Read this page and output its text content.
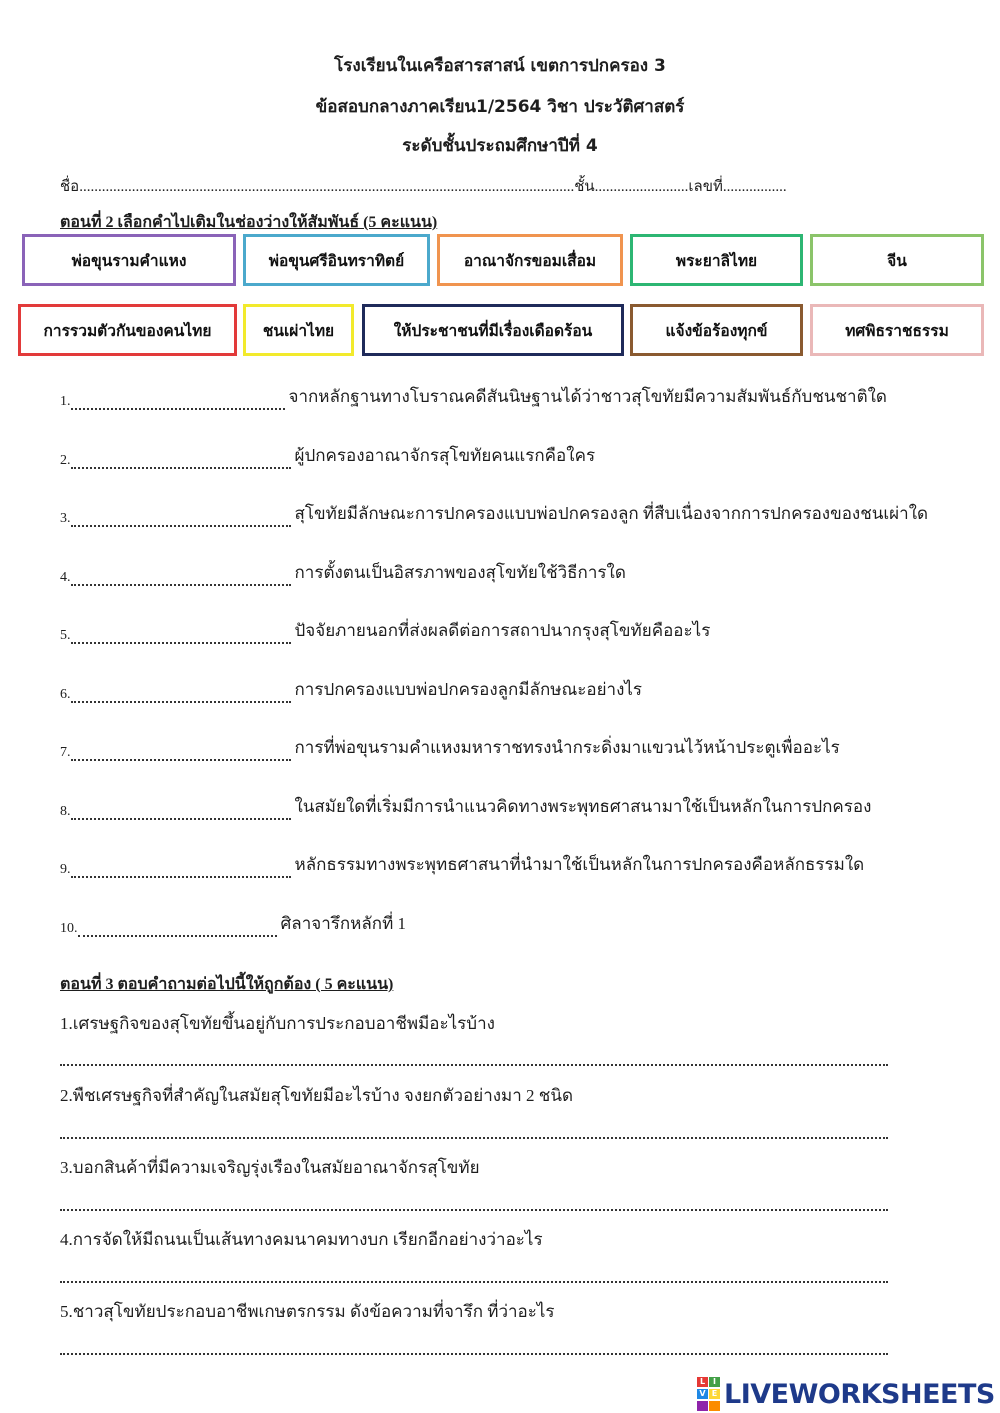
โรงเรียนในเครือสารสาสน์ เขตการปกครอง 3
ข้อสอบกลางภาคเรียน1/2564 วิชา ประวัติศาสตร์
ระดับชั้นประถมศึกษาปีที่ 4
ชื่อ....................................................................................................................................ชั้น.........................เลขที่.................
ตอนที่ 2 เลือกคำไปเติมในช่องว่างให้สัมพันธ์ (5 คะแนน)
พ่อขุนรามคำแหง	พ่อขุนศรีอินทราทิตย์	อาณาจักรขอมเสื่อม	พระยาลิไทย	จีน
การรวมตัวกันของคนไทย	ชนเผ่าไทย	ให้ประชาชนที่มีเรื่องเดือดร้อน	แจ้งข้อร้องทุกข์	ทศพิธราชธรรม
1 .	จากหลักฐานทางโบราณคดีสันนิษฐานได้ว่าชาวสุโขทัยมีความสัมพันธ์กับชนชาติใด
2 .	ผู้ปกครองอาณาจักรสุโขทัยคนแรกคือใคร
3 .	สุโขทัยมีลักษณะการปกครองแบบพ่อปกครองลูก ที่สืบเนื่องจากการปกครองของชนเผ่าใด
4 .	การตั้งตนเป็นอิสรภาพของสุโขทัยใช้วิธีการใด
5 .	ปัจจัยภายนอกที่ส่งผลดีต่อการสถาปนากรุงสุโขทัยคืออะไร
6 .	การปกครองแบบพ่อปกครองลูกมีลักษณะอย่างไร
7 .	การที่พ่อขุนรามคำแหงมหาราชทรงนำกระดิ่งมาแขวนไว้หน้าประตูเพื่ออะไร
8 .	ในสมัยใดที่เริ่มมีการนำแนวคิดทางพระพุทธศาสนามาใช้เป็นหลักในการปกครอง
9 .	หลักธรรมทางพระพุทธศาสนาที่นำมาใช้เป็นหลักในการปกครองคือหลักธรรมใด
10 .	ศิลาจารึกหลักที่ 1
ตอนที่ 3 ตอบคำถามต่อไปนี้ให้ถูกต้อง ( 5 คะแนน)
1.เศรษฐกิจของสุโขทัยขึ้นอยู่กับการประกอบอาชีพมีอะไรบ้าง
2.พืชเศรษฐกิจที่สำคัญในสมัยสุโขทัยมีอะไรบ้าง จงยกตัวอย่างมา 2 ชนิด
3.บอกสินค้าที่มีความเจริญรุ่งเรืองในสมัยอาณาจักรสุโขทัย
4.การจัดให้มีถนนเป็นเส้นทางคมนาคมทางบก เรียกอีกอย่างว่าอะไร
5.ชาวสุโขทัยประกอบอาชีพเกษตรกรรม ดังข้อความที่จารึก ที่ว่าอะไร
L I
V E LIVEWORKSHEETS
